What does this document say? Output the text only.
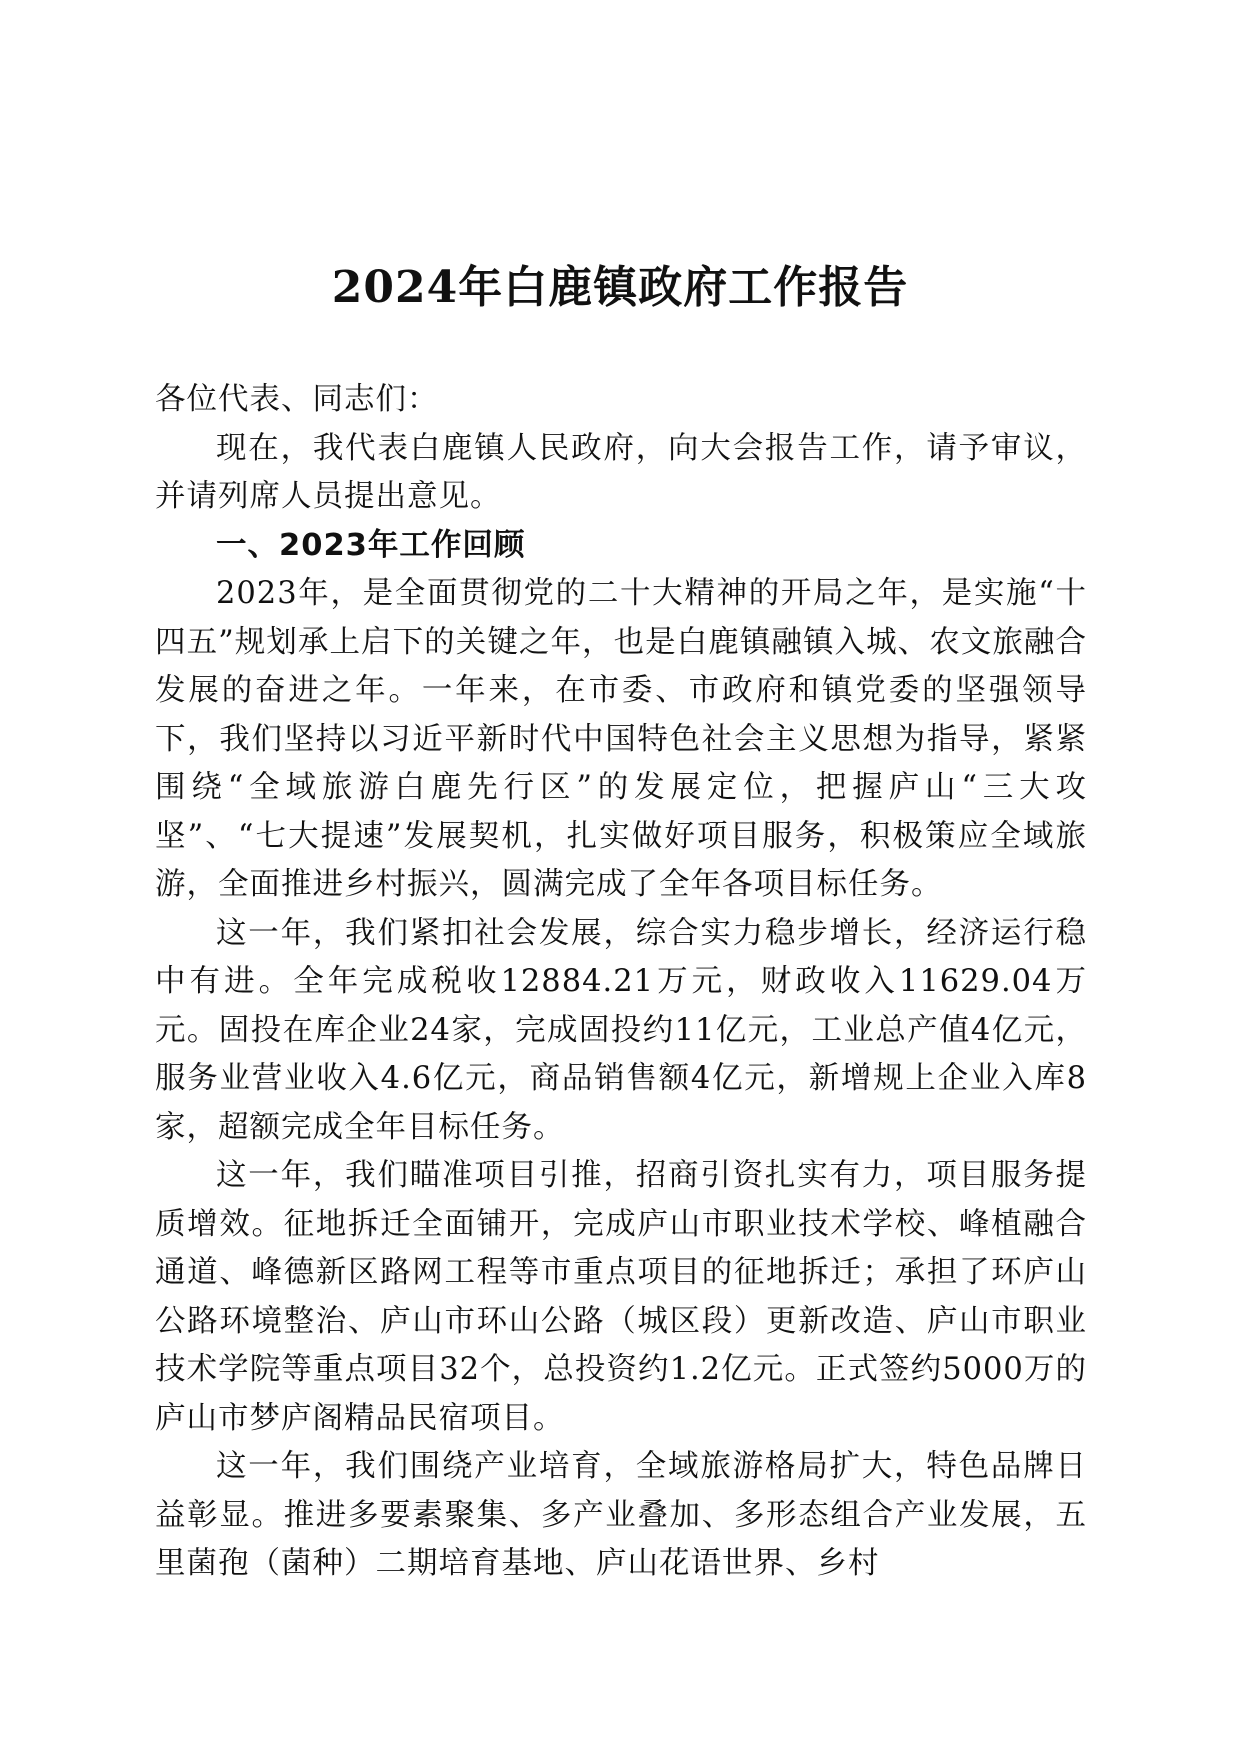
2024年白鹿镇政府工作报告

各位代表、同志们：

现在，我代表白鹿镇人民政府，向大会报告工作，请予审议，并请列席人员提出意见。

一、2023年工作回顾

2023年，是全面贯彻党的二十大精神的开局之年，是实施“十四五”规划承上启下的关键之年，也是白鹿镇融镇入城、农文旅融合发展的奋进之年。一年来，在市委、市政府和镇党委的坚强领导下，我们坚持以习近平新时代中国特色社会主义思想为指导，紧紧围绕“全域旅游白鹿先行区”的发展定位，把握庐山“三大攻坚”、“七大提速”发展契机，扎实做好项目服务，积极策应全域旅游，全面推进乡村振兴，圆满完成了全年各项目标任务。

这一年，我们紧扣社会发展，综合实力稳步增长，经济运行稳中有进。全年完成税收12884.21万元，财政收入11629.04万元。固投在库企业24家，完成固投约11亿元，工业总产值4亿元，服务业营业收入4.6亿元，商品销售额4亿元，新增规上企业入库8家，超额完成全年目标任务。

这一年，我们瞄准项目引推，招商引资扎实有力，项目服务提质增效。征地拆迁全面铺开，完成庐山市职业技术学校、峰植融合通道、峰德新区路网工程等市重点项目的征地拆迁；承担了环庐山公路环境整治、庐山市环山公路（城区段）更新改造、庐山市职业技术学院等重点项目32个，总投资约1.2亿元。正式签约5000万的庐山市梦庐阁精品民宿项目。

这一年，我们围绕产业培育，全域旅游格局扩大，特色品牌日益彰显。推进多要素聚集、多产业叠加、多形态组合产业发展，五里菌孢（菌种）二期培育基地、庐山花语世界、乡村
